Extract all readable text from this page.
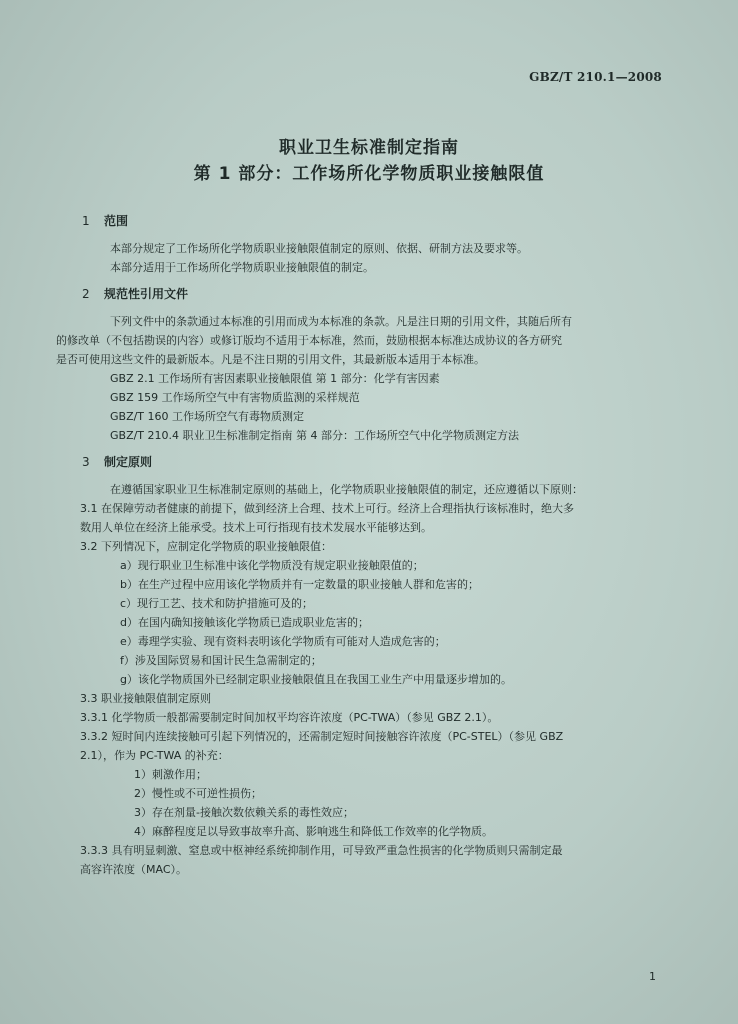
GBZ/T 210.1—2008
职业卫生标准制定指南
第 1 部分：工作场所化学物质职业接触限值
1 范围
本部分规定了工作场所化学物质职业接触限值制定的原则、依据、研制方法及要求等。
本部分适用于工作场所化学物质职业接触限值的制定。
2 规范性引用文件
下列文件中的条款通过本标准的引用而成为本标准的条款。凡是注日期的引用文件，其随后所有
的修改单（不包括勘误的内容）或修订版均不适用于本标准，然而，鼓励根据本标准达成协议的各方研究
是否可使用这些文件的最新版本。凡是不注日期的引用文件，其最新版本适用于本标准。
GBZ 2.1 工作场所有害因素职业接触限值 第 1 部分：化学有害因素
GBZ 159 工作场所空气中有害物质监测的采样规范
GBZ/T 160 工作场所空气有毒物质测定
GBZ/T 210.4 职业卫生标准制定指南 第 4 部分：工作场所空气中化学物质测定方法
3 制定原则
在遵循国家职业卫生标准制定原则的基础上，化学物质职业接触限值的制定，还应遵循以下原则：
3.1 在保障劳动者健康的前提下，做到经济上合理、技术上可行。经济上合理指执行该标准时，绝大多
数用人单位在经济上能承受。技术上可行指现有技术发展水平能够达到。
3.2 下列情况下，应制定化学物质的职业接触限值：
a）现行职业卫生标准中该化学物质没有规定职业接触限值的；
b）在生产过程中应用该化学物质并有一定数量的职业接触人群和危害的；
c）现行工艺、技术和防护措施可及的；
d）在国内确知接触该化学物质已造成职业危害的；
e）毒理学实验、现有资料表明该化学物质有可能对人造成危害的；
f）涉及国际贸易和国计民生急需制定的；
g）该化学物质国外已经制定职业接触限值且在我国工业生产中用量逐步增加的。
3.3 职业接触限值制定原则
3.3.1 化学物质一般都需要制定时间加权平均容许浓度（PC-TWA）（参见 GBZ 2.1）。
3.3.2 短时间内连续接触可引起下列情况的，还需制定短时间接触容许浓度（PC-STEL）（参见 GBZ
2.1），作为 PC-TWA 的补充：
1）刺激作用；
2）慢性或不可逆性损伤；
3）存在剂量-接触次数依赖关系的毒性效应；
4）麻醉程度足以导致事故率升高、影响逃生和降低工作效率的化学物质。
3.3.3 具有明显刺激、窒息或中枢神经系统抑制作用，可导致严重急性损害的化学物质则只需制定最
高容许浓度（MAC）。
1
